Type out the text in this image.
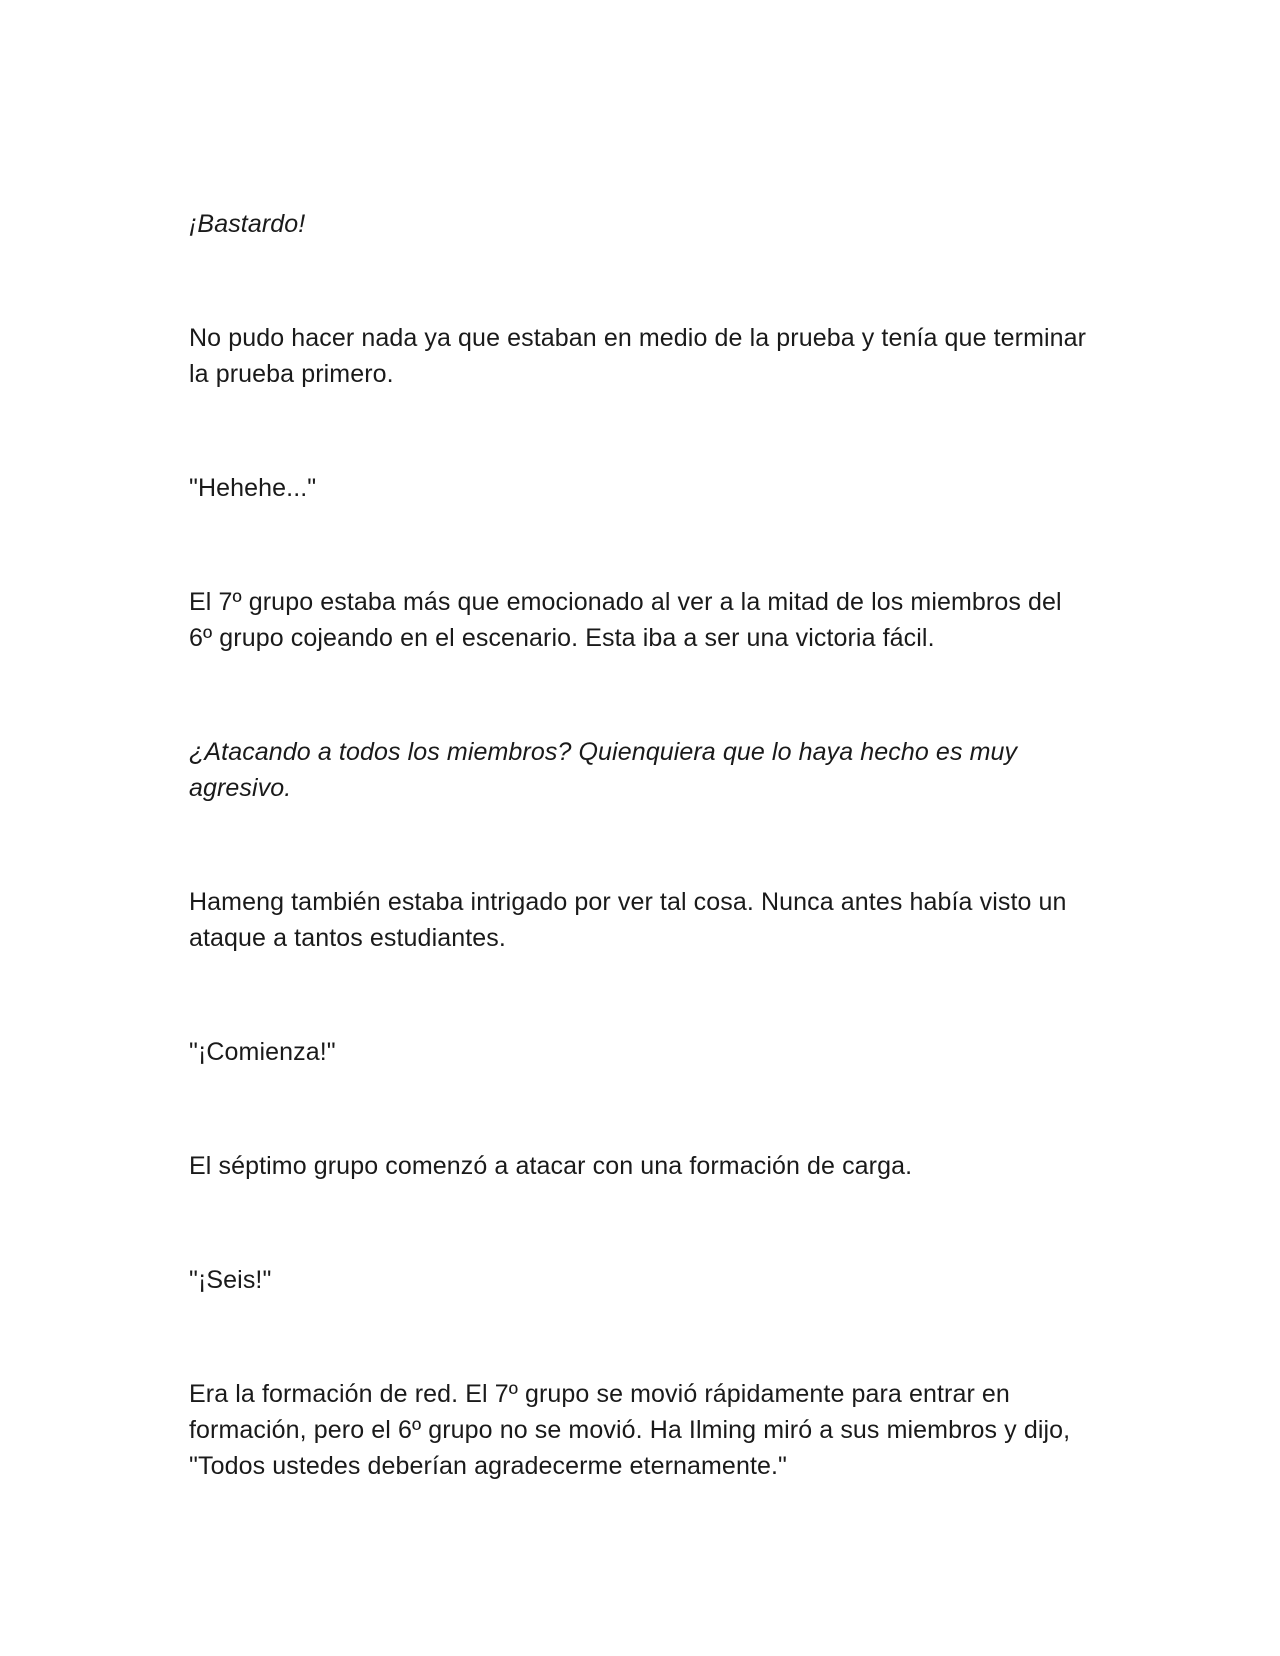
¡Bastardo!

No pudo hacer nada ya que estaban en medio de la prueba y tenía que terminar la prueba primero.

"Hehehe..."

El 7º grupo estaba más que emocionado al ver a la mitad de los miembros del 6º grupo cojeando en el escenario. Esta iba a ser una victoria fácil.

¿Atacando a todos los miembros? Quienquiera que lo haya hecho es muy agresivo.

Hameng también estaba intrigado por ver tal cosa. Nunca antes había visto un ataque a tantos estudiantes.

"¡Comienza!"

El séptimo grupo comenzó a atacar con una formación de carga.

"¡Seis!"

Era la formación de red. El 7º grupo se movió rápidamente para entrar en formación, pero el 6º grupo no se movió. Ha Ilming miró a sus miembros y dijo, "Todos ustedes deberían agradecerme eternamente."
